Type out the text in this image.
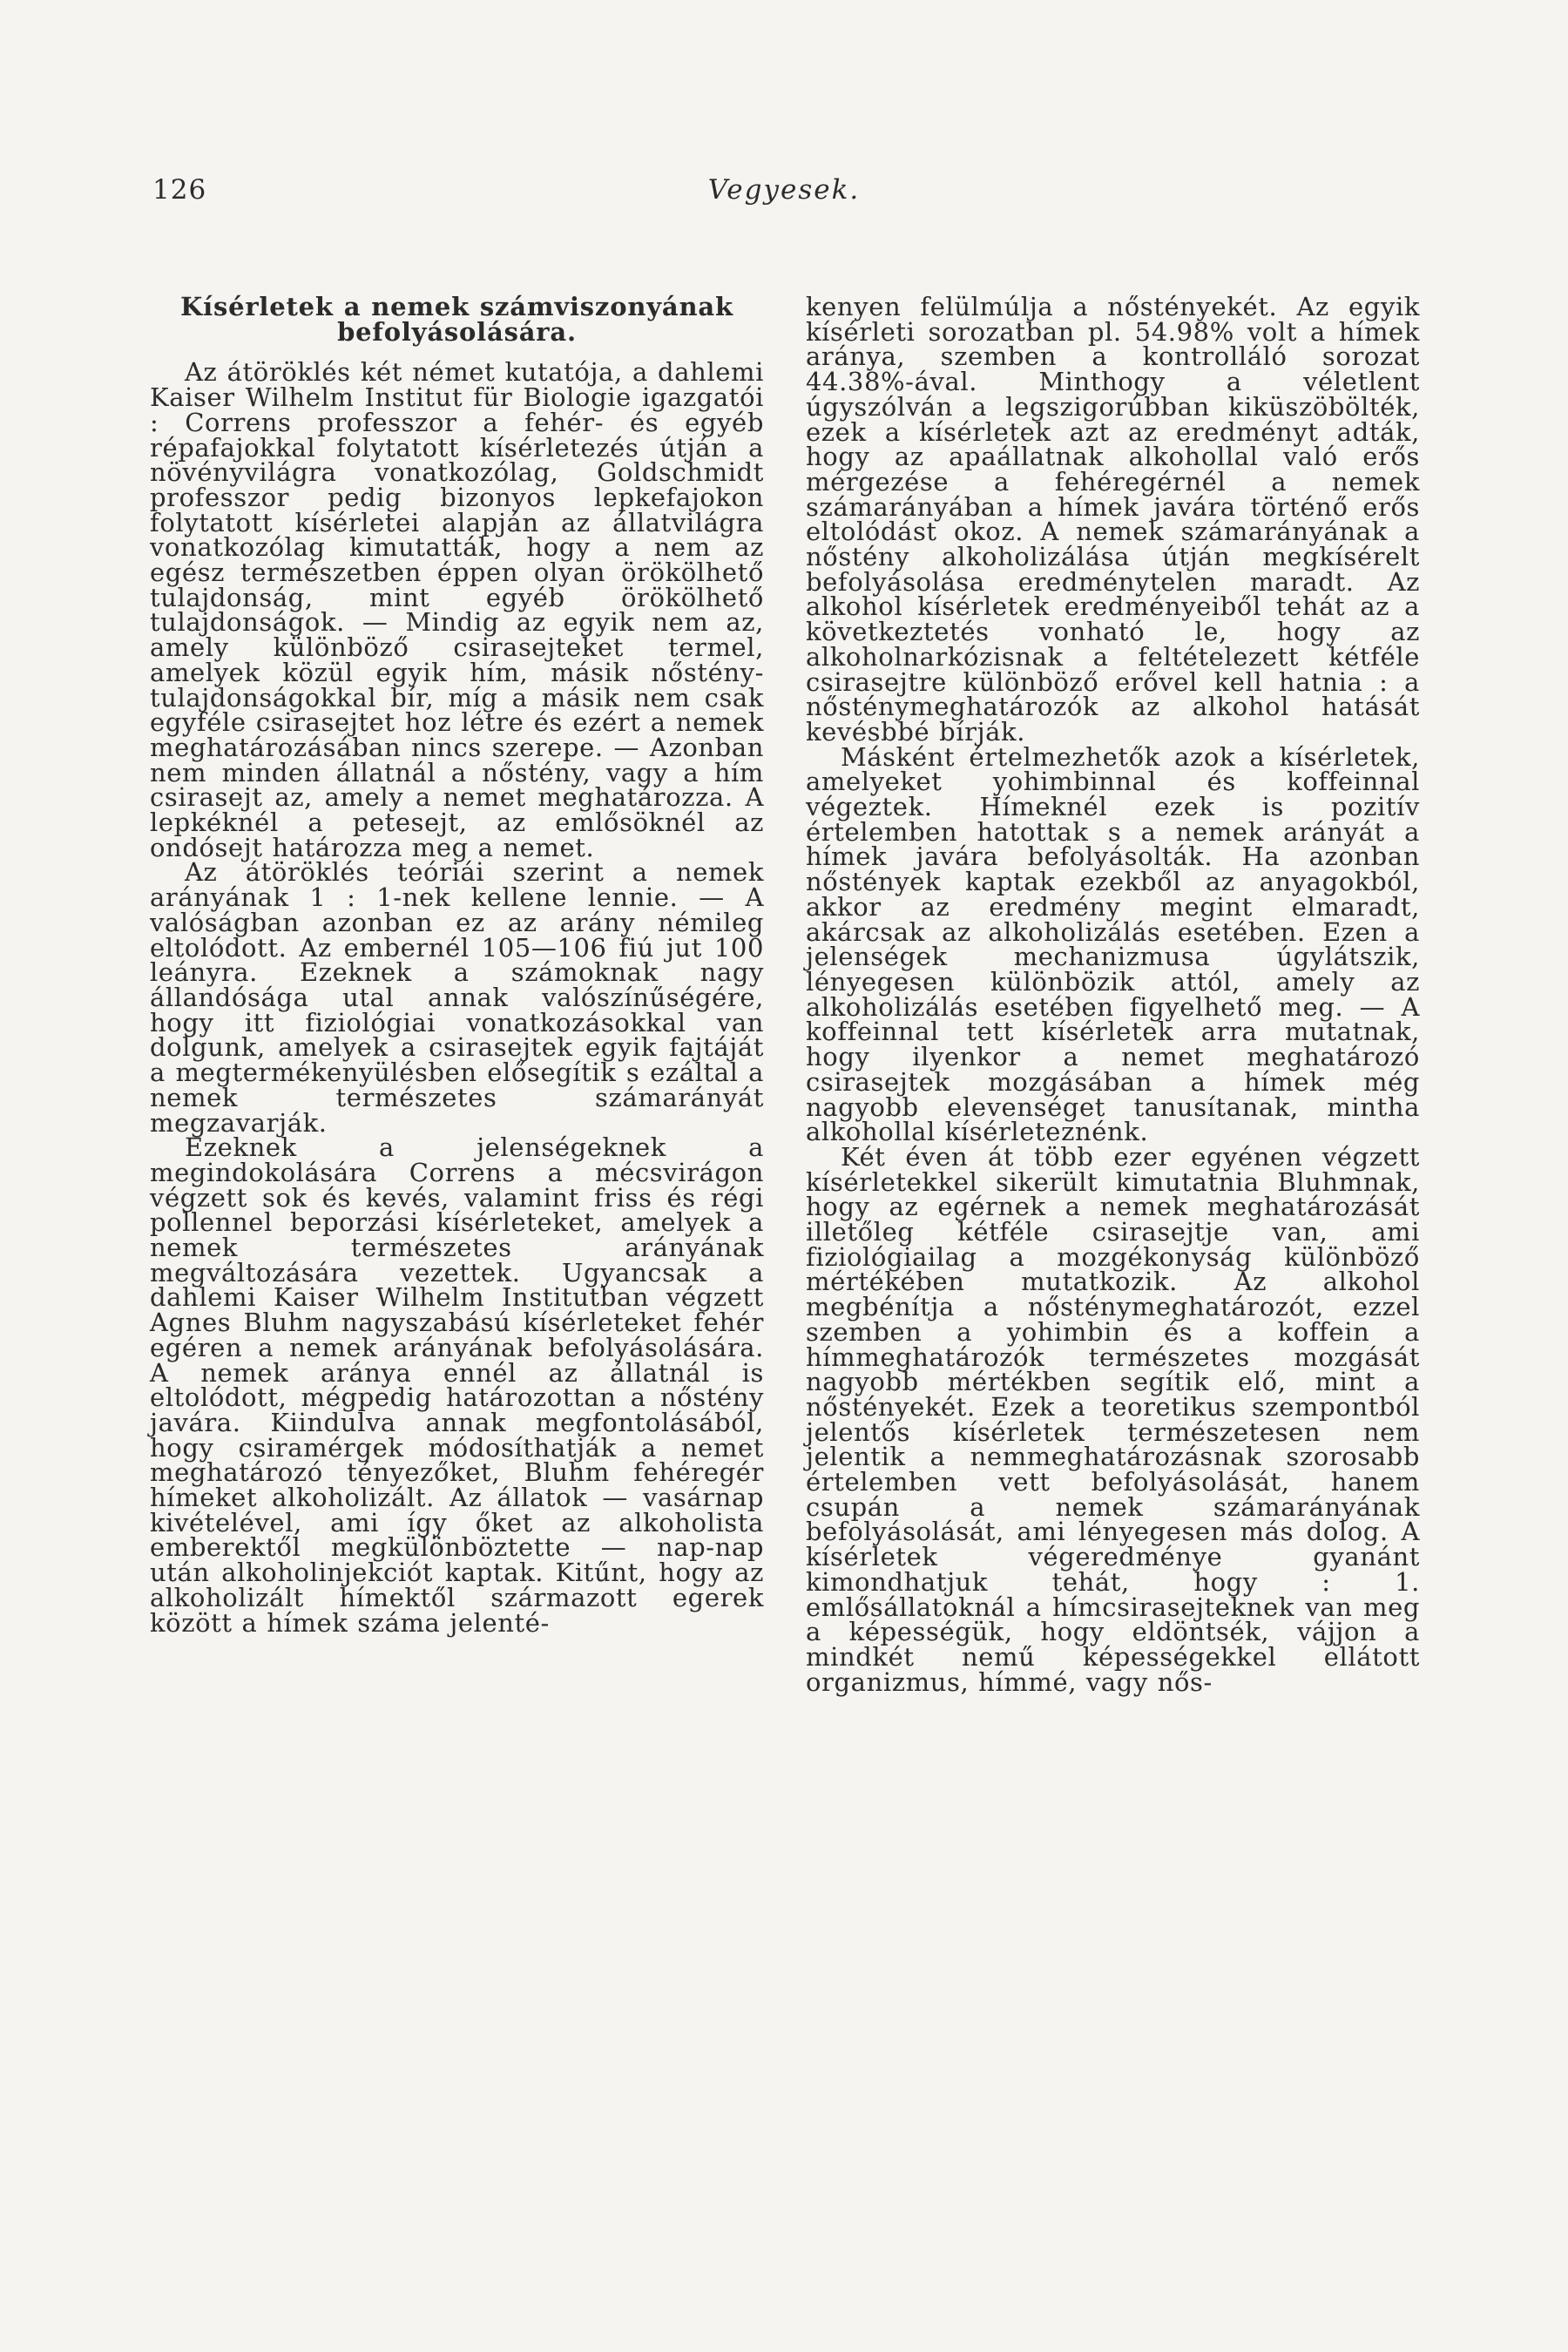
126	Vegyesek.

Kísérletek a nemek számviszonyának befolyásolására.

Az átöröklés két német kutatója, a dahlemi Kaiser Wilhelm Institut für Biologie igazgatói : Correns professzor a fehér- és egyéb répafajokkal folytatott kísérletezés útján a növényvilágra vonatkozólag, Goldschmidt professzor pedig bizonyos lepkefajokon folytatott kísérletei alapján az állatvilágra vonatkozólag kimutatták, hogy a nem az egész természetben éppen olyan örökölhető tulajdonság, mint egyéb örökölhető tulajdonságok. — Mindig az egyik nem az, amely különböző csirasejteket termel, amelyek közül egyik hím, másik nőstény-tulajdonságokkal bír, míg a másik nem csak egyféle csirasejtet hoz létre és ezért a nemek meghatározásában nincs szerepe. — Azonban nem minden állatnál a nőstény, vagy a hím csirasejt az, amely a nemet meghatározza. A lepkéknél a petesejt, az emlősöknél az ondósejt határozza meg a nemet.

Az átöröklés teóriái szerint a nemek arányának 1 : 1-nek kellene lennie. — A valóságban azonban ez az arány némileg eltolódott. Az embernél 105—106 fiú jut 100 leányra. Ezeknek a számoknak nagy állandósága utal annak valószínűségére, hogy itt fiziológiai vonatkozásokkal van dolgunk, amelyek a csirasejtek egyik fajtáját a megtermékenyülésben elősegítik s ezáltal a nemek természetes számarányát megzavarják.

Ezeknek a jelenségeknek a megindokolására Correns a mécsvirágon végzett sok és kevés, valamint friss és régi pollennel beporzási kísérleteket, amelyek a nemek természetes arányának megváltozására vezettek. Ugyancsak a dahlemi Kaiser Wilhelm Institutban végzett Agnes Bluhm nagyszabású kísérleteket fehér egéren a nemek arányának befolyásolására. A nemek aránya ennél az állatnál is eltolódott, mégpedig határozottan a nőstény javára. Kiindulva annak megfontolásából, hogy csiramérgek módosíthatják a nemet meghatározó tényezőket, Bluhm fehéregér hímeket alkoholizált. Az állatok — vasárnap kivételével, ami így őket az alkoholista emberektől megkülönböztette — nap-nap után alkoholinjekciót kaptak. Kitűnt, hogy az alkoholizált hímektől származott egerek között a hímek száma jelenté-

kenyen felülmúlja a nőstényekét. Az egyik kísérleti sorozatban pl. 54.98% volt a hímek aránya, szemben a kontrolláló sorozat 44.38%-ával. Minthogy a véletlent úgyszólván a legszigorúbban kiküszöbölték, ezek a kísérletek azt az eredményt adták, hogy az apaállatnak alkohollal való erős mérgezése a fehéregérnél a nemek számarányában a hímek javára történő erős eltolódást okoz. A nemek számarányának a nőstény alkoholizálása útján megkísérelt befolyásolása eredménytelen maradt. Az alkohol kísérletek eredményeiből tehát az a következtetés vonható le, hogy az alkoholnarkózisnak a feltételezett kétféle csirasejtre különböző erővel kell hatnia : a nősténymeghatározók az alkohol hatását kevésbbé bírják.

Másként értelmezhetők azok a kísérletek, amelyeket yohimbinnal és koffeinnal végeztek. Hímeknél ezek is pozitív értelemben hatottak s a nemek arányát a hímek javára befolyásolták. Ha azonban nőstények kaptak ezekből az anyagokból, akkor az eredmény megint elmaradt, akárcsak az alkoholizálás esetében. Ezen a jelenségek mechanizmusa úgylátszik, lényegesen különbözik attól, amely az alkoholizálás esetében figyelhető meg. — A koffeinnal tett kísérletek arra mutatnak, hogy ilyenkor a nemet meghatározó csirasejtek mozgásában a hímek még nagyobb elevenséget tanusítanak, mintha alkohollal kísérleteznénk.

Két éven át több ezer egyénen végzett kísérletekkel sikerült kimutatnia Bluhmnak, hogy az egérnek a nemek meghatározását illetőleg kétféle csirasejtje van, ami fiziológiailag a mozgékonyság különböző mértékében mutatkozik. Az alkohol megbénítja a nősténymeghatározót, ezzel szemben a yohimbin és a koffein a hímmeghatározók természetes mozgását nagyobb mértékben segítik elő, mint a nőstényekét. Ezek a teoretikus szempontból jelentős kísérletek természetesen nem jelentik a nemmeghatározásnak szorosabb értelemben vett befolyásolását, hanem csupán a nemek számarányának befolyásolását, ami lényegesen más dolog. A kísérletek végeredménye gyanánt kimondhatjuk tehát, hogy : 1. emlősállatoknál a hímcsirasejteknek van meg a képességük, hogy eldöntsék, vájjon a mindkét nemű képességekkel ellátott organizmus, hímmé, vagy nős-
